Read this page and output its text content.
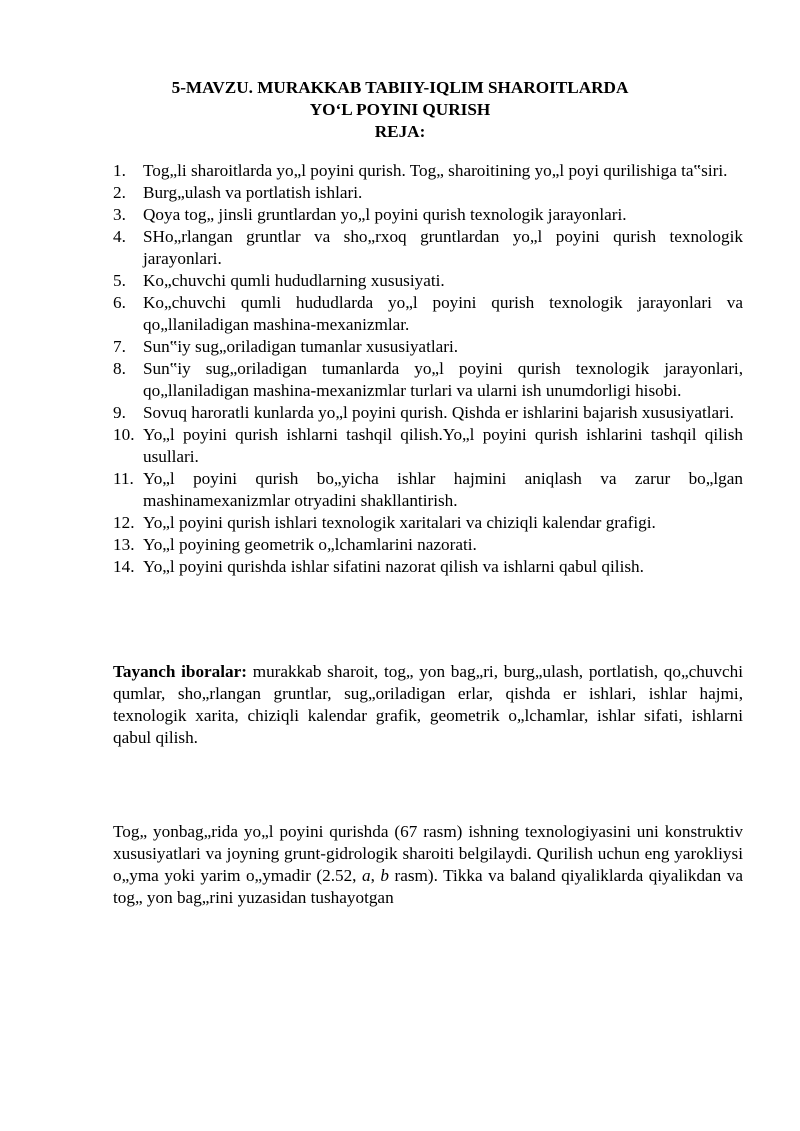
5-MAVZU. MURAKKAB TABIIY-IQLIM SHAROITLARDA
YO‘L POYINI QURISH
REJA:
1. Tog„li sharoitlarda yo„l poyini qurish. Tog„ sharoitining yo„l poyi qurilishiga ta‟siri.
2. Burg„ulash va portlatish ishlari.
3. Qoya tog„ jinsli gruntlardan yo„l poyini qurish texnologik jarayonlari.
4. SHo„rlangan gruntlar va sho„rxoq gruntlardan yo„l poyini qurish texnologik jarayonlari.
5. Ko„chuvchi qumli hududlarning xususiyati.
6. Ko„chuvchi qumli hududlarda yo„l poyini qurish texnologik jarayonlari va qo„llaniladigan mashina-mexanizmlar.
7. Sun‟iy sug„oriladigan tumanlar xususiyatlari.
8. Sun‟iy sug„oriladigan tumanlarda yo„l poyini qurish texnologik jarayonlari, qo„llaniladigan mashina-mexanizmlar turlari va ularni ish unumdorligi hisobi.
9. Sovuq haroratli kunlarda yo„l poyini qurish. Qishda er ishlarini bajarish xususiyatlari.
10. Yo„l poyini qurish ishlarni tashqil qilish.Yo„l poyini qurish ishlarini tashqil qilish usullari.
11. Yo„l poyini qurish bo„yicha ishlar hajmini aniqlash va zarur bo„lgan mashinamexanizmlar otryadini shakllantirish.
12. Yo„l poyini qurish ishlari texnologik xaritalari va chiziqli kalendar grafigi.
13. Yo„l poyining geometrik o„lchamlarini nazorati.
14. Yo„l poyini qurishda ishlar sifatini nazorat qilish va ishlarni qabul qilish.

Tayanch iboralar: murakkab sharoit, tog„ yon bag„ri, burg„ulash, portlatish, qo„chuvchi qumlar, sho„rlangan gruntlar, sug„oriladigan erlar, qishda er ishlari, ishlar hajmi, texnologik xarita, chiziqli kalendar grafik, geometrik o„lchamlar, ishlar sifati, ishlarni qabul qilish.

Tog„ yonbag„rida yo„l poyini qurishda (67 rasm) ishning texnologiyasini uni konstruktiv xususiyatlari va joyning grunt-gidrologik sharoiti belgilaydi. Qurilish uchun eng yarokliysi o„yma yoki yarim o„ymadir (2.52, a, b rasm). Tikka va baland qiyaliklarda qiyalikdan va tog„ yon bag„rini yuzasidan tushayotgan
